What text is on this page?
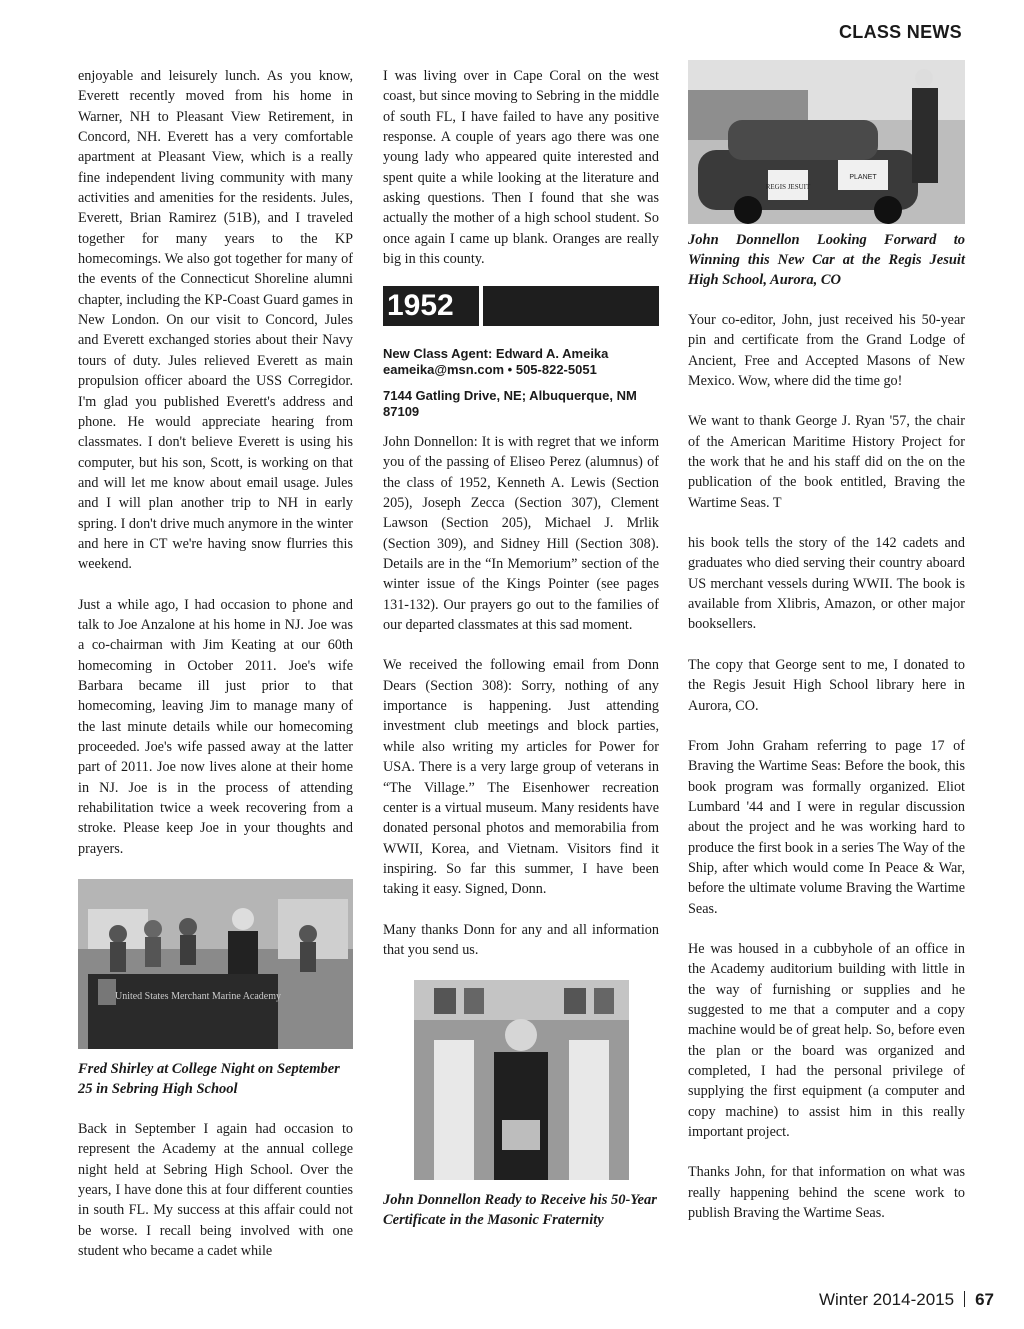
CLASS NEWS

enjoyable and leisurely lunch. As you know, Everett recently moved from his home in Warner, NH to Pleasant View Retirement, in Concord, NH. Everett has a very comfortable apartment at Pleasant View, which is a really fine independent living community with many activities and amenities for the residents. Jules, Everett, Brian Ramirez (51B), and I traveled together for many years to the KP homecomings. We also got together for many of the events of the Connecticut Shoreline alumni chapter, including the KP-Coast Guard games in New London. On our visit to Concord, Jules and Everett exchanged stories about their Navy tours of duty. Jules relieved Everett as main propulsion officer aboard the USS Corregidor. I'm glad you published Everett's address and phone. He would appreciate hearing from classmates. I don't believe Everett is using his computer, but his son, Scott, is working on that and will let me know about email usage. Jules and I will plan another trip to NH in early spring. I don't drive much anymore in the winter and here in CT we're having snow flurries this weekend.

Just a while ago, I had occasion to phone and talk to Joe Anzalone at his home in NJ. Joe was a co-chairman with Jim Keating at our 60th homecoming in October 2011. Joe's wife Barbara became ill just prior to that homecoming, leaving Jim to manage many of the last minute details while our homecoming proceeded. Joe's wife passed away at the latter part of 2011. Joe now lives alone at their home in NJ. Joe is in the process of attending rehabilitation twice a week recovering from a stroke. Please keep Joe in your thoughts and prayers.

United States Merchant Marine Academy

Fred Shirley at College Night on September 25 in Sebring High School

Back in September I again had occasion to represent the Academy at the annual college night held at Sebring High School. Over the years, I have done this at four different counties in south FL. My success at this affair could not be worse. I recall being involved with one student who became a cadet while

I was living over in Cape Coral on the west coast, but since moving to Sebring in the middle of south FL, I have failed to have any positive response. A couple of years ago there was one young lady who appeared quite interested and spent quite a while looking at the literature and asking questions. Then I found that she was actually the mother of a high school student. So once again I came up blank. Oranges are really big in this county.

1952

New Class Agent: Edward A. Ameika

eameika@msn.com • 505-822-5051

7144 Gatling Drive, NE; Albuquerque, NM 87109

John Donnellon: It is with regret that we inform you of the passing of Eliseo Perez (alumnus) of the class of 1952, Kenneth A. Lewis (Section 205), Joseph Zecca (Section 307), Clement Lawson (Section 205), Michael J. Mrlik (Section 309), and Sidney Hill (Section 308). Details are in the “In Memorium” section of the winter issue of the Kings Pointer (see pages 131-132). Our prayers go out to the families of our departed classmates at this sad moment.

We received the following email from Donn Dears (Section 308): Sorry, nothing of any importance is happening. Just attending investment club meetings and block parties, while also writing my articles for Power for USA. There is a very large group of veterans in “The Village.” The Eisenhower recreation center is a virtual museum. Many residents have donated personal photos and memorabilia from WWII, Korea, and Vietnam. Visitors find it inspiring. So far this summer, I have been taking it easy. Signed, Donn.

Many thanks Donn for any and all information that you send us.

John Donnellon Ready to Receive his 50-Year Certificate in the Masonic Fraternity

REGIS JESUIT
PLANET

John Donnellon Looking Forward to Winning this New Car at the Regis Jesuit High School, Aurora, CO

Your co-editor, John, just received his 50-year pin and certificate from the Grand Lodge of Ancient, Free and Accepted Masons of New Mexico. Wow, where did the time go!

We want to thank George J. Ryan '57, the chair of the American Maritime History Project for the work that he and his staff did on the on the publication of the book entitled, Braving the Wartime Seas. T

his book tells the story of the 142 cadets and graduates who died serving their country aboard US merchant vessels during WWII. The book is available from Xlibris, Amazon, or other major booksellers.

The copy that George sent to me, I donated to the Regis Jesuit High School library here in Aurora, CO.

From John Graham referring to page 17 of Braving the Wartime Seas: Before the book, this book program was formally organized. Eliot Lumbard '44 and I were in regular discussion about the project and he was working hard to produce the first book in a series The Way of the Ship, after which would come In Peace & War, before the ultimate volume Braving the Wartime Seas.

He was housed in a cubbyhole of an office in the Academy auditorium building with little in the way of furnishing or supplies and he suggested to me that a computer and a copy machine would be of great help. So, before even the plan or the board was organized and completed, I had the personal privilege of supplying the first equipment (a computer and copy machine) to assist him in this really important project.

Thanks John, for that information on what was really happening behind the scene work to publish Braving the Wartime Seas.

Winter 2014-2015 67
